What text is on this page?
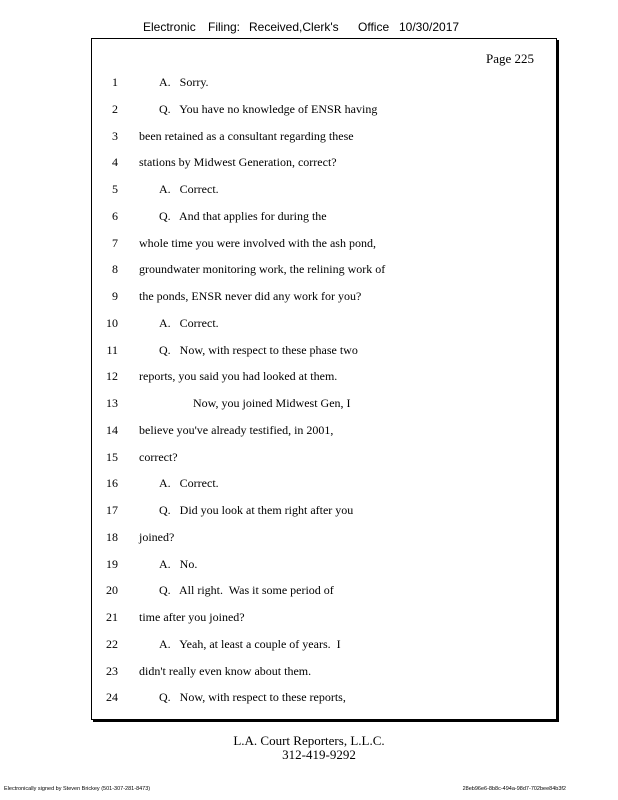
Electronic Filing: Received,Clerk's Office 10/30/2017
Page 225
1	A.   Sorry.
2	Q.   You have no knowledge of ENSR having
3 been retained as a consultant regarding these
4 stations by Midwest Generation, correct?
5	A.   Correct.
6	Q.   And that applies for during the
7 whole time you were involved with the ash pond,
8 groundwater monitoring work, the relining work of
9 the ponds, ENSR never did any work for you?
10	A.   Correct.
11	Q.   Now, with respect to these phase two
12 reports, you said you had looked at them.
13	Now, you joined Midwest Gen, I
14 believe you've already testified, in 2001,
15 correct?
16	A.   Correct.
17	Q.   Did you look at them right after you
18 joined?
19	A.   No.
20	Q.   All right.  Was it some period of
21 time after you joined?
22	A.   Yeah, at least a couple of years.  I
23 didn't really even know about them.
24	Q.   Now, with respect to these reports,
L.A. Court Reporters, L.L.C.
312-419-9292
Electronically signed by Steven Brickey (501-307-281-8473)	28eb96e6-8b8c-494a-98d7-702bee84b3f2
